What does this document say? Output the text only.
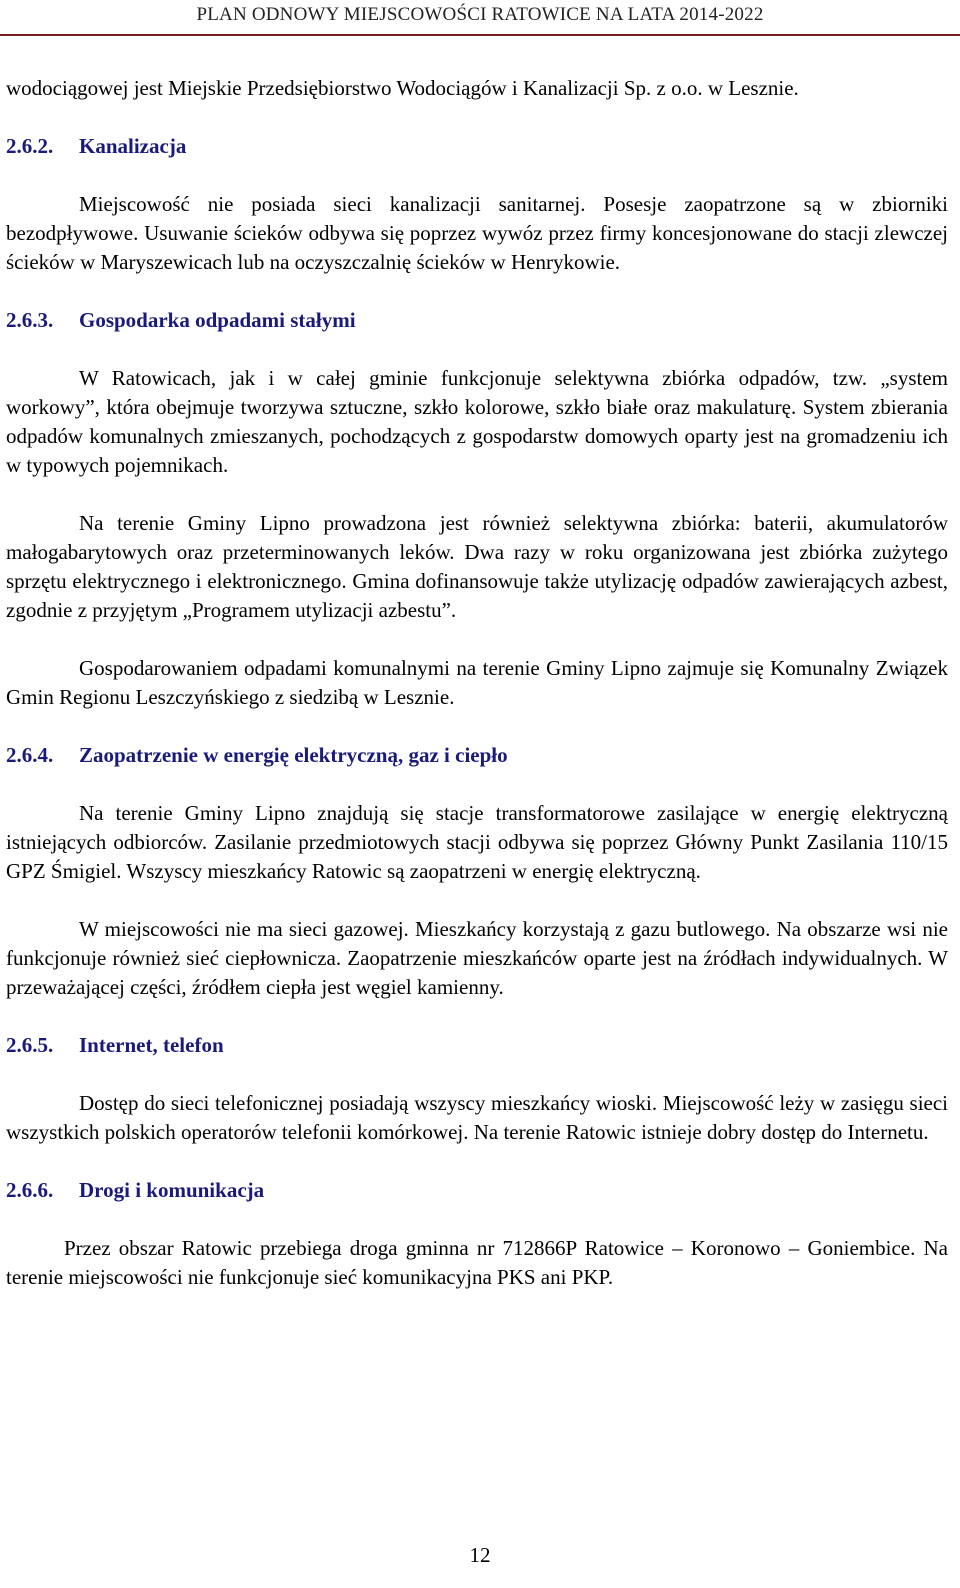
PLAN ODNOWY MIEJSCOWOŚCI RATOWICE NA LATA 2014-2022

wodociągowej jest Miejskie Przedsiębiorstwo Wodociągów i Kanalizacji Sp. z o.o. w Lesznie.

2.6.2. Kanalizacja

Miejscowość nie posiada sieci kanalizacji sanitarnej. Posesje zaopatrzone są w zbiorniki bezodpływowe. Usuwanie ścieków odbywa się poprzez wywóz przez firmy koncesjonowane do stacji zlewczej ścieków w Maryszewicach lub na oczyszczalnię ścieków w Henrykowie.

2.6.3. Gospodarka odpadami stałymi

W Ratowicach, jak i w całej gminie funkcjonuje selektywna zbiórka odpadów, tzw. „system workowy”, która obejmuje tworzywa sztuczne, szkło kolorowe, szkło białe oraz makulaturę. System zbierania odpadów komunalnych zmieszanych, pochodzących z gospodarstw domowych oparty jest na gromadzeniu ich w typowych pojemnikach.

Na terenie Gminy Lipno prowadzona jest również selektywna zbiórka: baterii, akumulatorów małogabarytowych oraz przeterminowanych leków. Dwa razy w roku organizowana jest zbiórka zużytego sprzętu elektrycznego i elektronicznego. Gmina dofinansowuje także utylizację odpadów zawierających azbest, zgodnie z przyjętym „Programem utylizacji azbestu”.

Gospodarowaniem odpadami komunalnymi na terenie Gminy Lipno zajmuje się Komunalny Związek Gmin Regionu Leszczyńskiego z siedzibą w Lesznie.

2.6.4. Zaopatrzenie w energię elektryczną, gaz i ciepło

Na terenie Gminy Lipno znajdują się stacje transformatorowe zasilające w energię elektryczną istniejących odbiorców. Zasilanie przedmiotowych stacji odbywa się poprzez Główny Punkt Zasilania 110/15 GPZ Śmigiel. Wszyscy mieszkańcy Ratowic są zaopatrzeni w energię elektryczną.

W miejscowości nie ma sieci gazowej. Mieszkańcy korzystają z gazu butlowego. Na obszarze wsi nie funkcjonuje również sieć ciepłownicza. Zaopatrzenie mieszkańców oparte jest na źródłach indywidualnych. W przeważającej części, źródłem ciepła jest węgiel kamienny.

2.6.5. Internet, telefon

Dostęp do sieci telefonicznej posiadają wszyscy mieszkańcy wioski. Miejscowość leży w zasięgu sieci wszystkich polskich operatorów telefonii komórkowej. Na terenie Ratowic istnieje dobry dostęp do Internetu.

2.6.6. Drogi i komunikacja

Przez obszar Ratowic przebiega droga gminna nr 712866P Ratowice – Koronowo – Goniembice. Na terenie miejscowości nie funkcjonuje sieć komunikacyjna PKS ani PKP.

12
